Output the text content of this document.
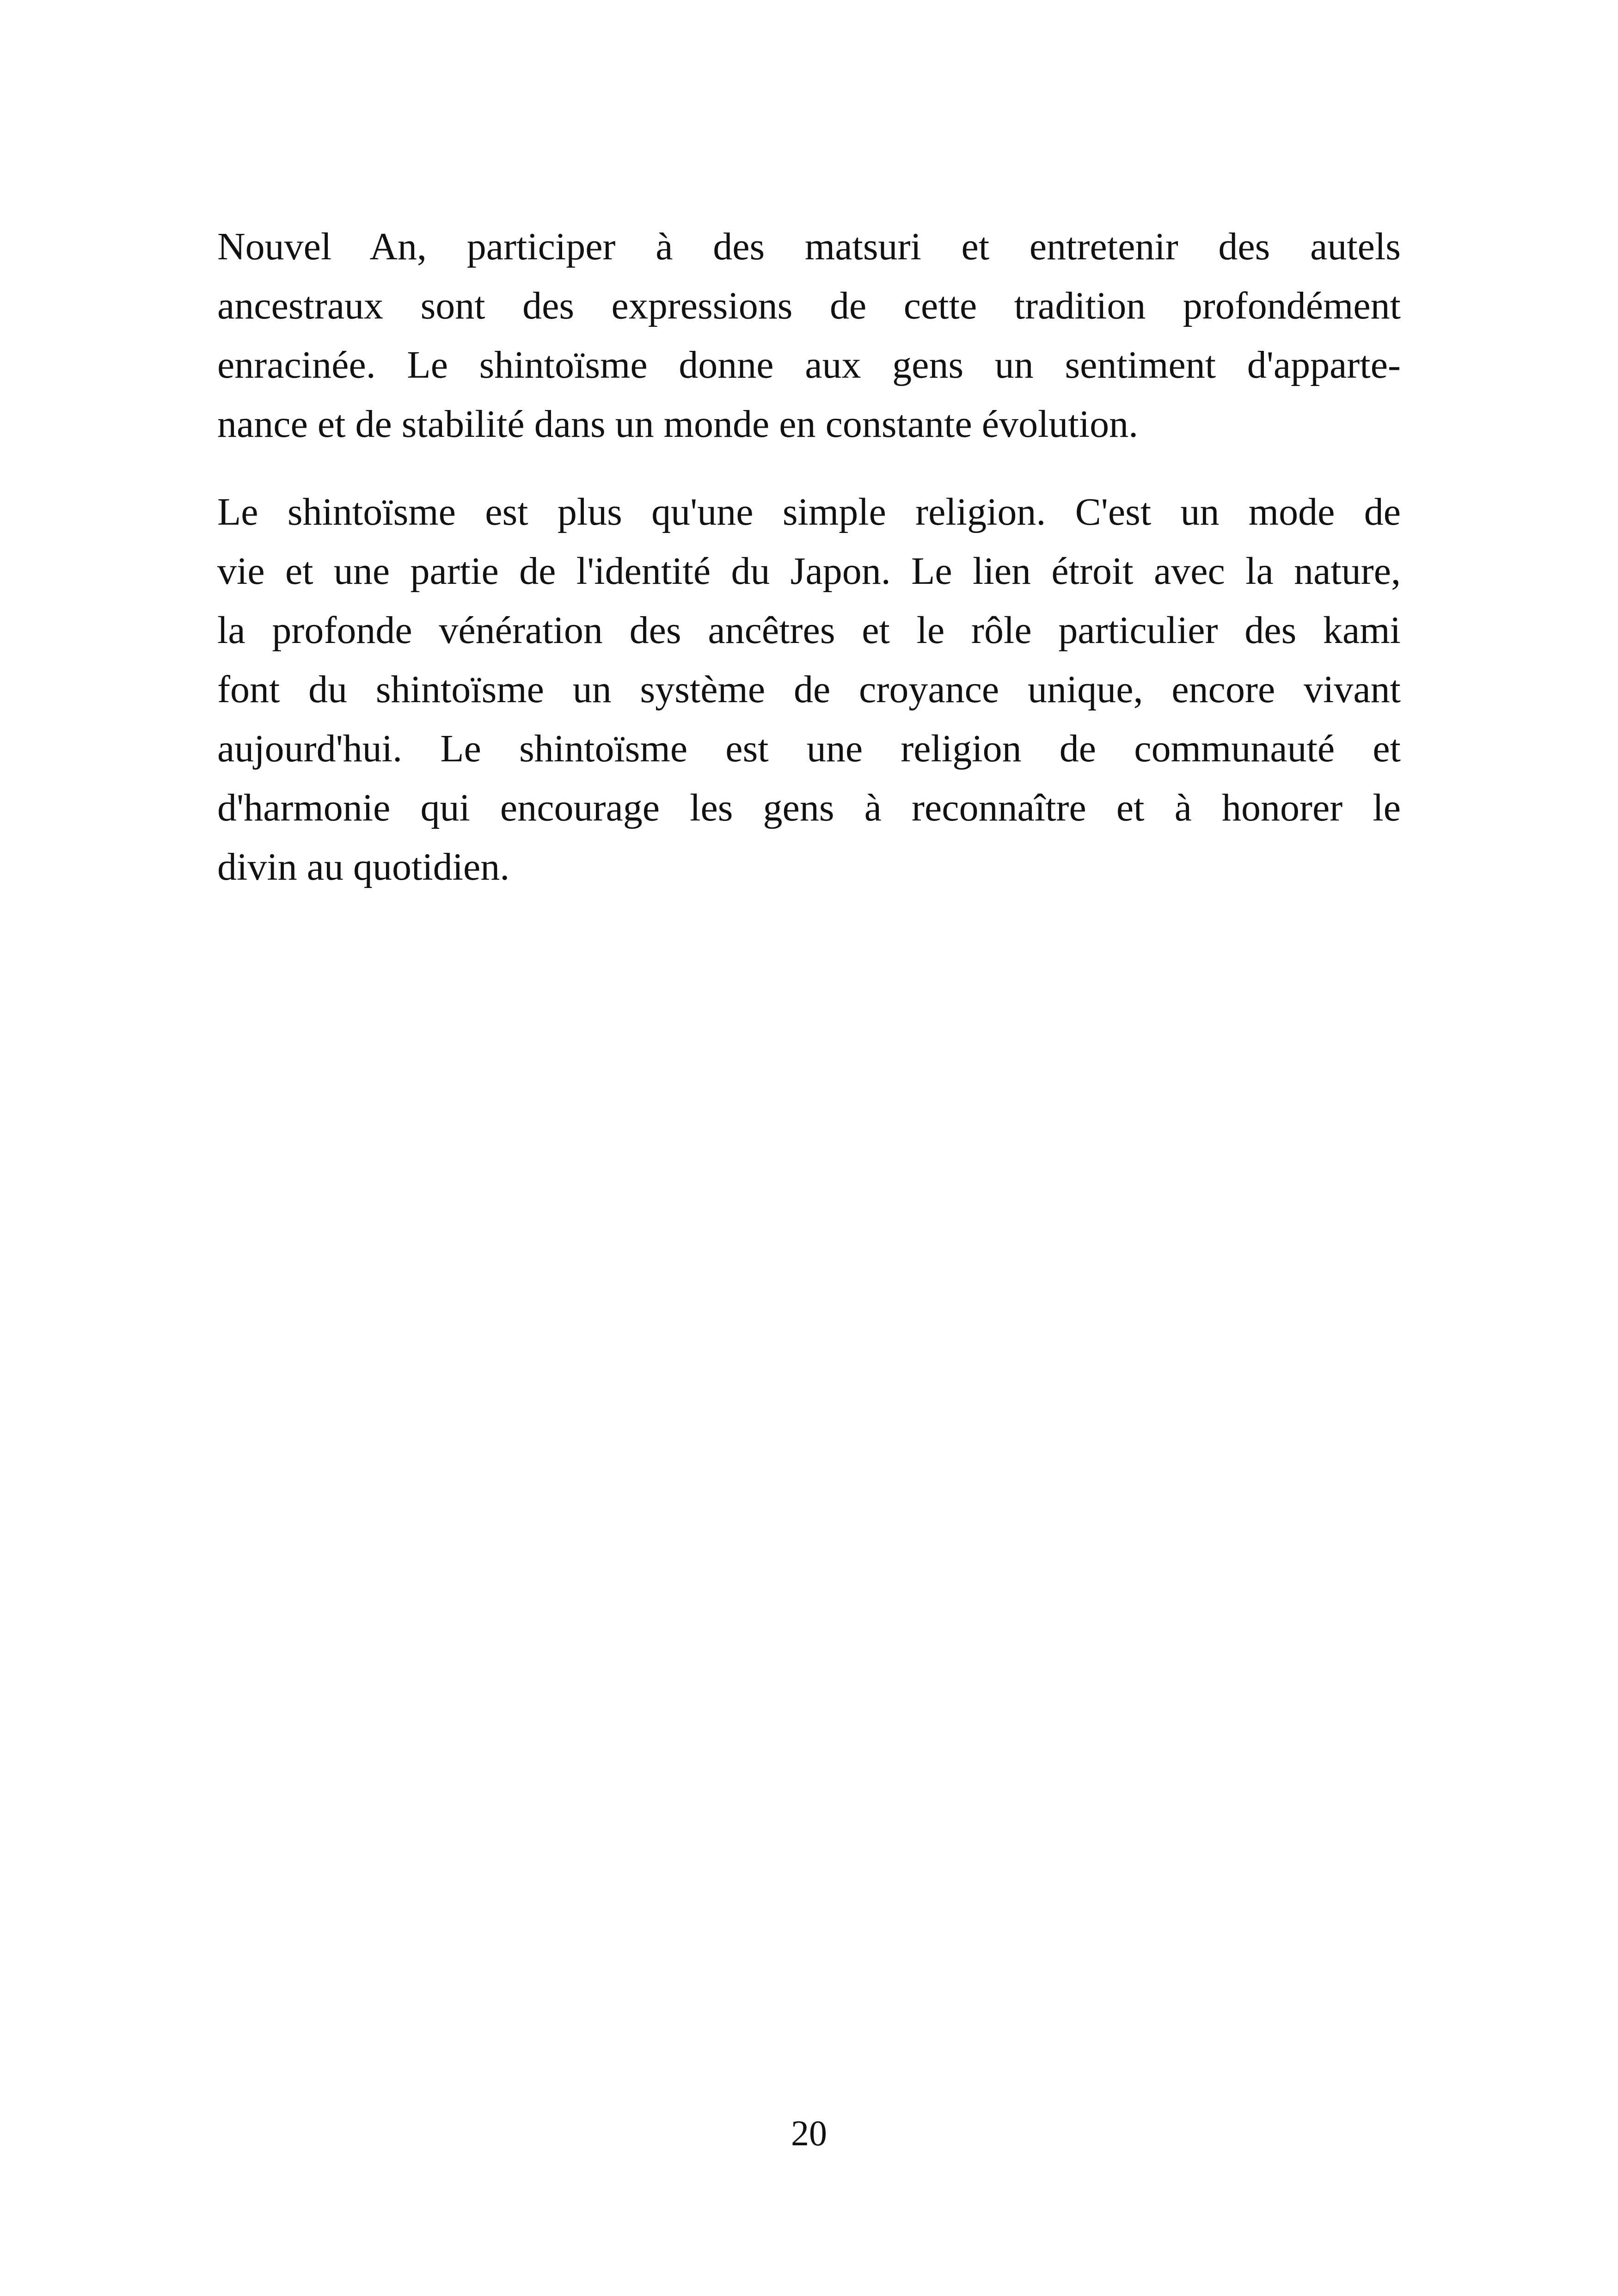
Nouvel An, participer à des matsuri et entretenir des autels
ancestraux sont des expressions de cette tradition profondément
enracinée. Le shintoïsme donne aux gens un sentiment d'apparte-
nance et de stabilité dans un monde en constante évolution.
Le shintoïsme est plus qu'une simple religion. C'est un mode de
vie et une partie de l'identité du Japon. Le lien étroit avec la nature,
la profonde vénération des ancêtres et le rôle particulier des kami
font du shintoïsme un système de croyance unique, encore vivant
aujourd'hui. Le shintoïsme est une religion de communauté et
d'harmonie qui encourage les gens à reconnaître et à honorer le
divin au quotidien.
20
